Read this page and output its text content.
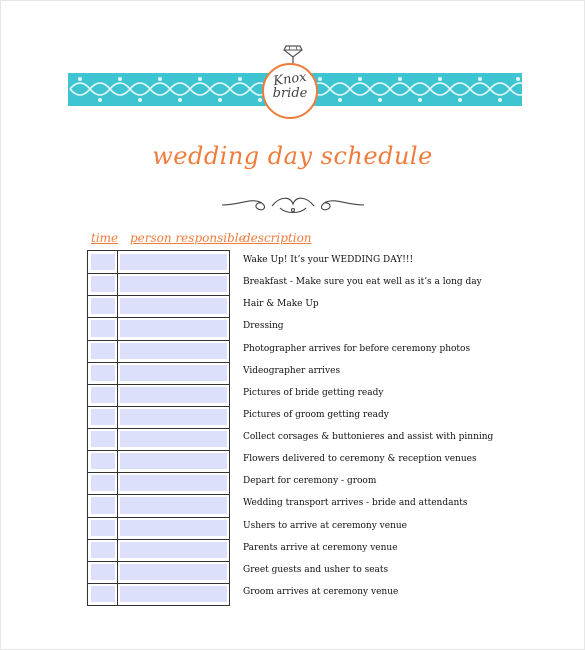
Knox
bride
wedding day schedule
time person responsible
description
Wake Up! It’s your WEDDING DAY!!!
Breakfast - Make sure you eat well as it’s a long day
Hair & Make Up
Dressing
Photographer arrives for before ceremony photos
Videographer arrives
Pictures of bride getting ready
Pictures of groom getting ready
Collect corsages & buttonieres and assist with pinning
Flowers delivered to ceremony & reception venues
Depart for ceremony - groom
Wedding transport arrives - bride and attendants
Ushers to arrive at ceremony venue
Parents arrive at ceremony venue
Greet guests and usher to seats
Groom arrives at ceremony venue
